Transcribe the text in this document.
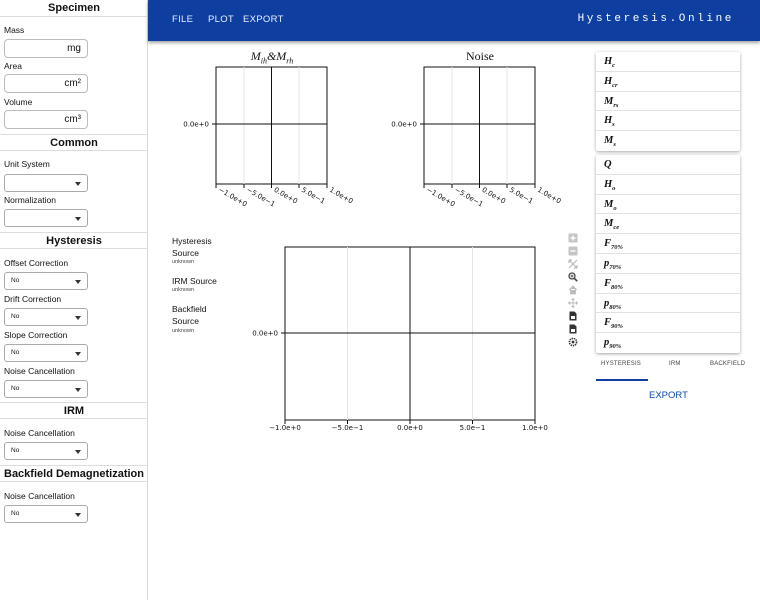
Specimen
Mass
mg
Area
cm²
Volume
cm³
Common
Unit System
Normalization
Hysteresis
Offset Correction
No
Drift Correction
No
Slope Correction
No
Noise Cancellation
No
IRM
Noise Cancellation
No
Backfield Demagnetization
Noise Cancellation
No
FILE PLOT EXPORT	Hysteresis.Online
$M_{ih}\&M_{rh}$	Noise
0.0e+0
−1.0e+0
−5.0e−1
0.0e+0 5.0e−1 1.0e+0
0.0e+0
−1.0e+0
−5.0e−1
0.0e+0 5.0e−1 1.0e+0
Hysteresis
Source
unknown
IRM Source
unknown
Backfield
Source
unknown	0.0e+0
−1.0e+0	−5.0e−1	0.0e+0	5.0e−1	1.0e+0
$H_c$
$H_{cr}$
$M_{rs}$
$H_s$
$M_s$
Q
$H_o$
$M_o$
$M_{ce}$
$F_{70\%}$
$p_{70\%}$
$F_{80\%}$
$p_{80\%}$
$F_{90\%}$
$p_{90\%}$
HYSTERESIS	IRM	BACKFIELD
EXPORT
